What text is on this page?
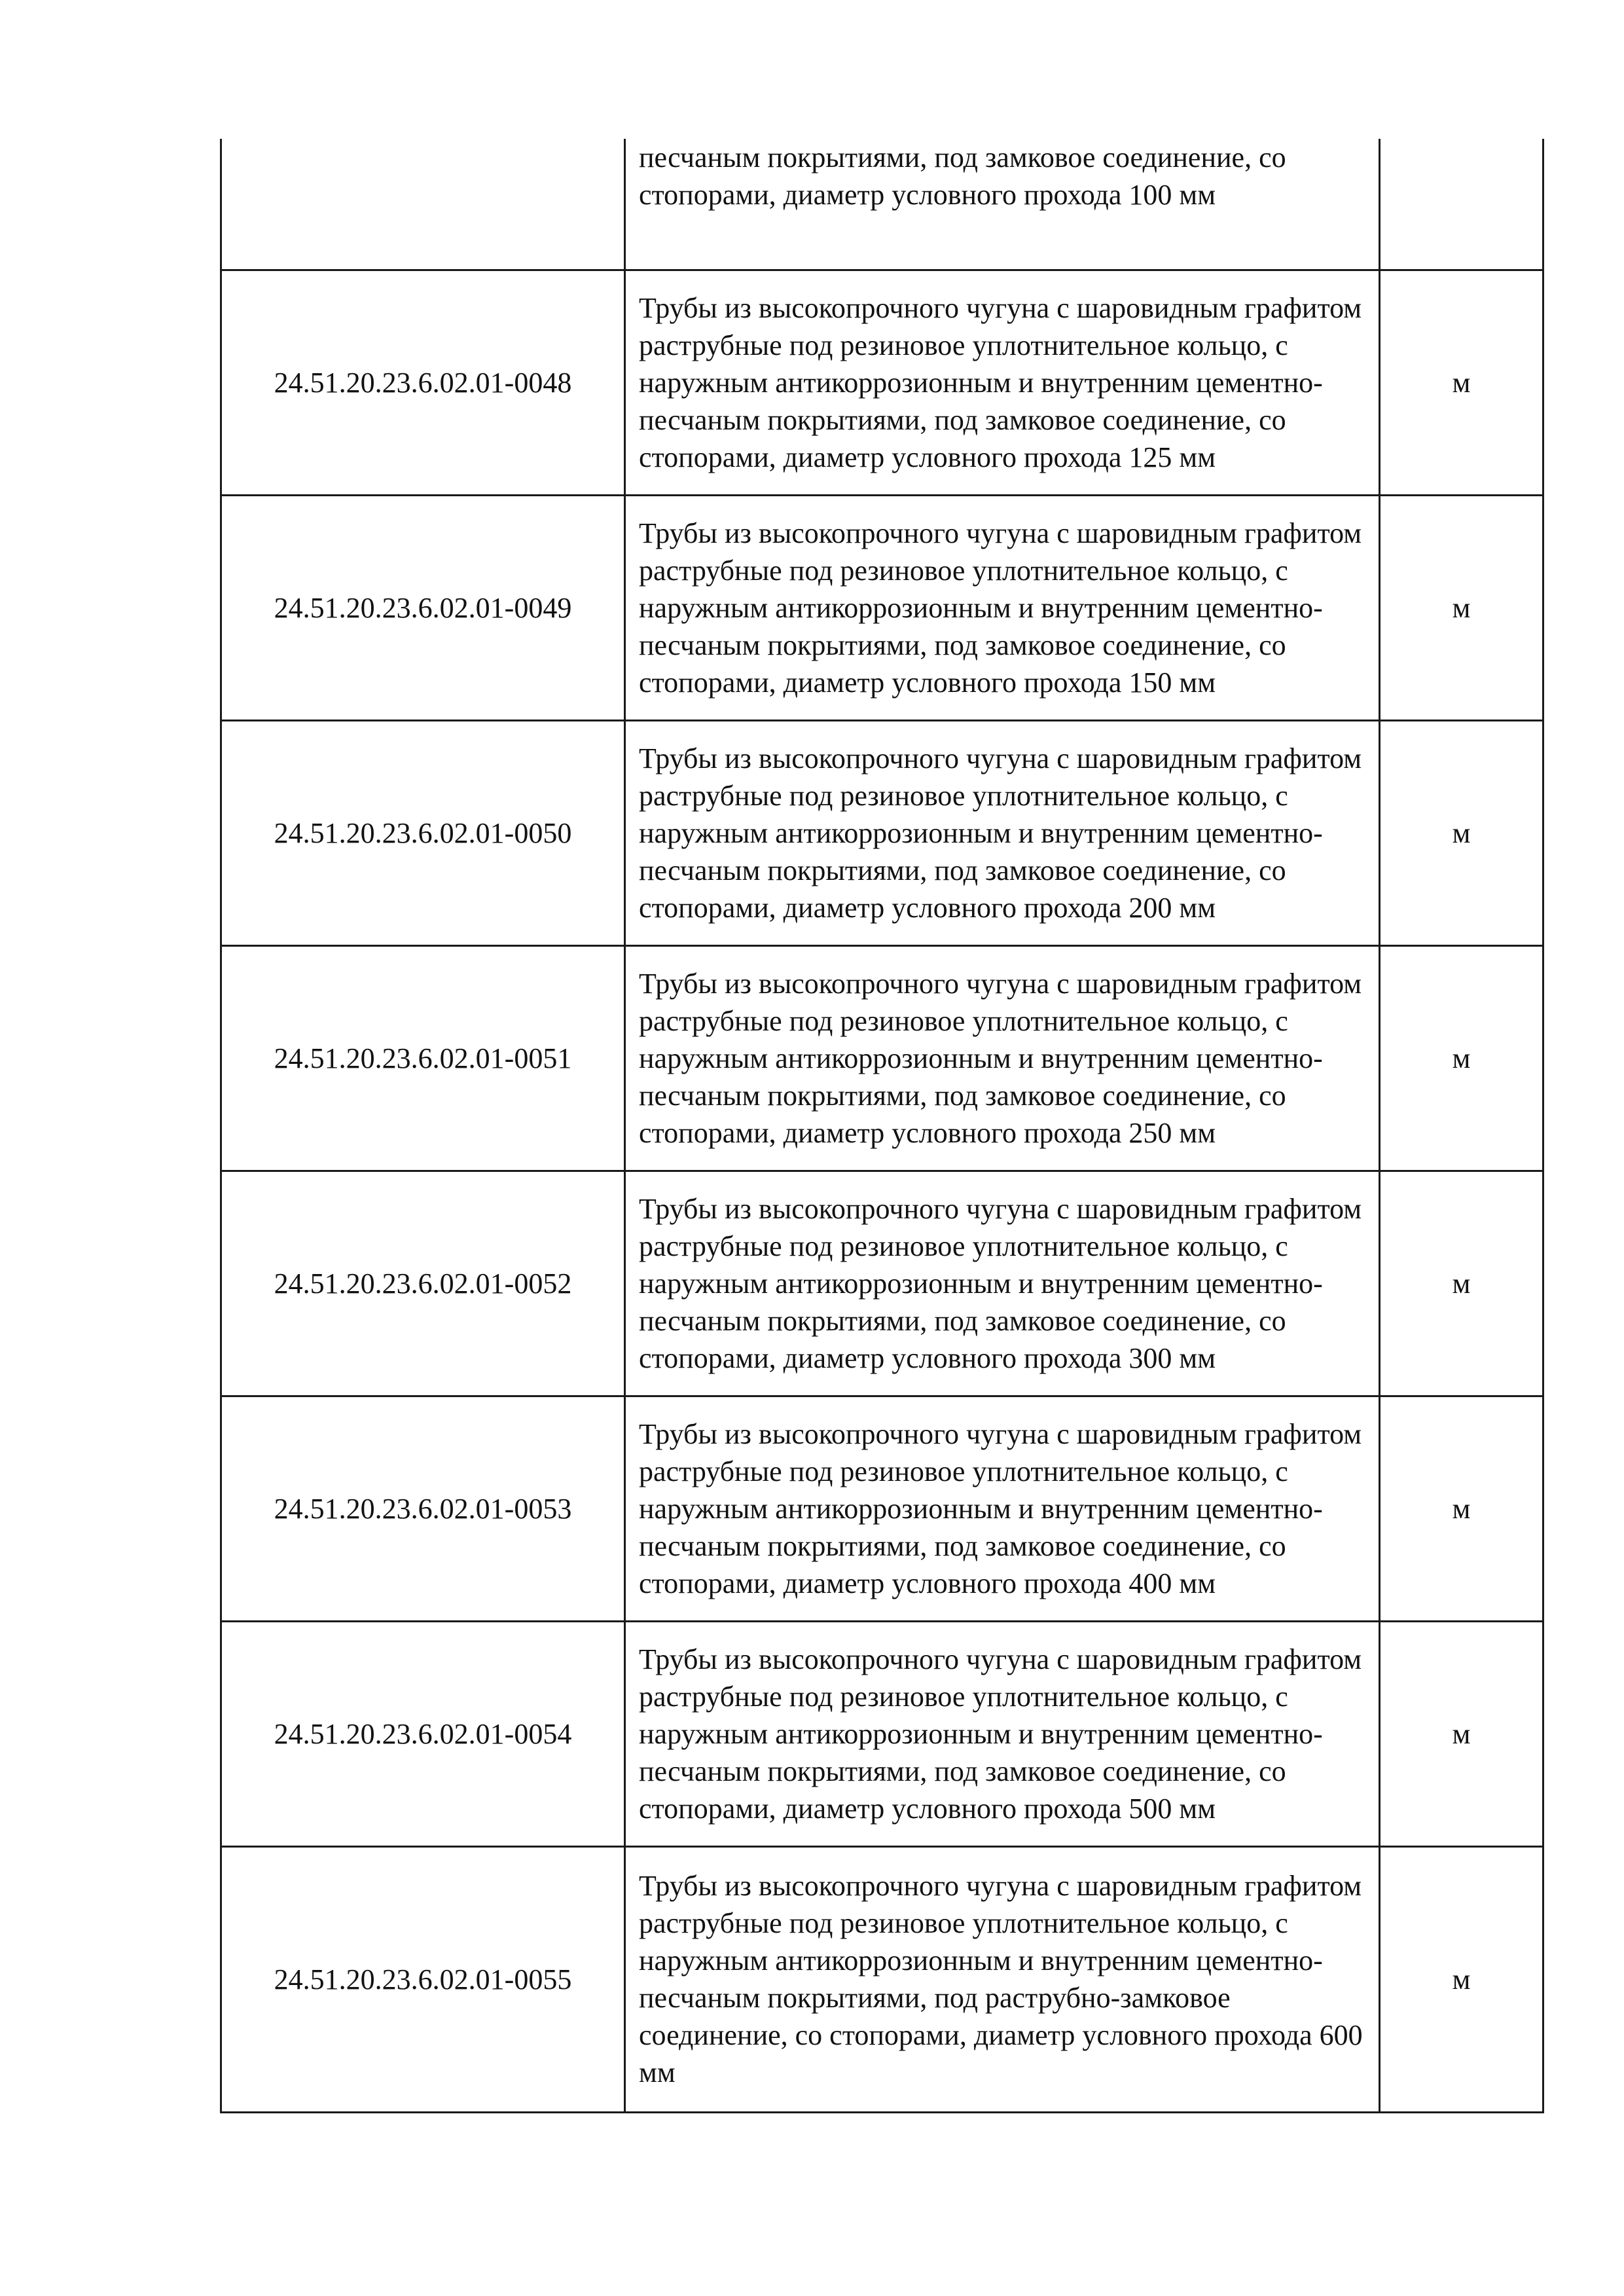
	песчаным покрытиями, под замковое соединение, со стопорами, диаметр условного прохода 100 мм	

24.51.20.23.6.02.01-0048	Трубы из высокопрочного чугуна с шаровидным графитом раструбные под резиновое уплотнительное кольцо, с наружным антикоррозионным и внутренним цементно-песчаным покрытиями, под замковое соединение, со стопорами, диаметр условного прохода 125 мм	м
24.51.20.23.6.02.01-0049	Трубы из высокопрочного чугуна с шаровидным графитом раструбные под резиновое уплотнительное кольцо, с наружным антикоррозионным и внутренним цементно-песчаным покрытиями, под замковое соединение, со стопорами, диаметр условного прохода 150 мм	м
24.51.20.23.6.02.01-0050	Трубы из высокопрочного чугуна с шаровидным графитом раструбные под резиновое уплотнительное кольцо, с наружным антикоррозионным и внутренним цементно-песчаным покрытиями, под замковое соединение, со стопорами, диаметр условного прохода 200 мм	м
24.51.20.23.6.02.01-0051	Трубы из высокопрочного чугуна с шаровидным графитом раструбные под резиновое уплотнительное кольцо, с наружным антикоррозионным и внутренним цементно-песчаным покрытиями, под замковое соединение, со стопорами, диаметр условного прохода 250 мм	м
24.51.20.23.6.02.01-0052	Трубы из высокопрочного чугуна с шаровидным графитом раструбные под резиновое уплотнительное кольцо, с наружным антикоррозионным и внутренним цементно-песчаным покрытиями, под замковое соединение, со стопорами, диаметр условного прохода 300 мм	м
24.51.20.23.6.02.01-0053	Трубы из высокопрочного чугуна с шаровидным графитом раструбные под резиновое уплотнительное кольцо, с наружным антикоррозионным и внутренним цементно-песчаным покрытиями, под замковое соединение, со стопорами, диаметр условного прохода 400 мм	м
24.51.20.23.6.02.01-0054	Трубы из высокопрочного чугуна с шаровидным графитом раструбные под резиновое уплотнительное кольцо, с наружным антикоррозионным и внутренним цементно-песчаным покрытиями, под замковое соединение, со стопорами, диаметр условного прохода 500 мм	м
24.51.20.23.6.02.01-0055	Трубы из высокопрочного чугуна с шаровидным графитом раструбные под резиновое уплотнительное кольцо, с наружным антикоррозионным и внутренним цементно-песчаным покрытиями, под раструбно-замковое соединение, со стопорами, диаметр условного прохода 600 мм	м
